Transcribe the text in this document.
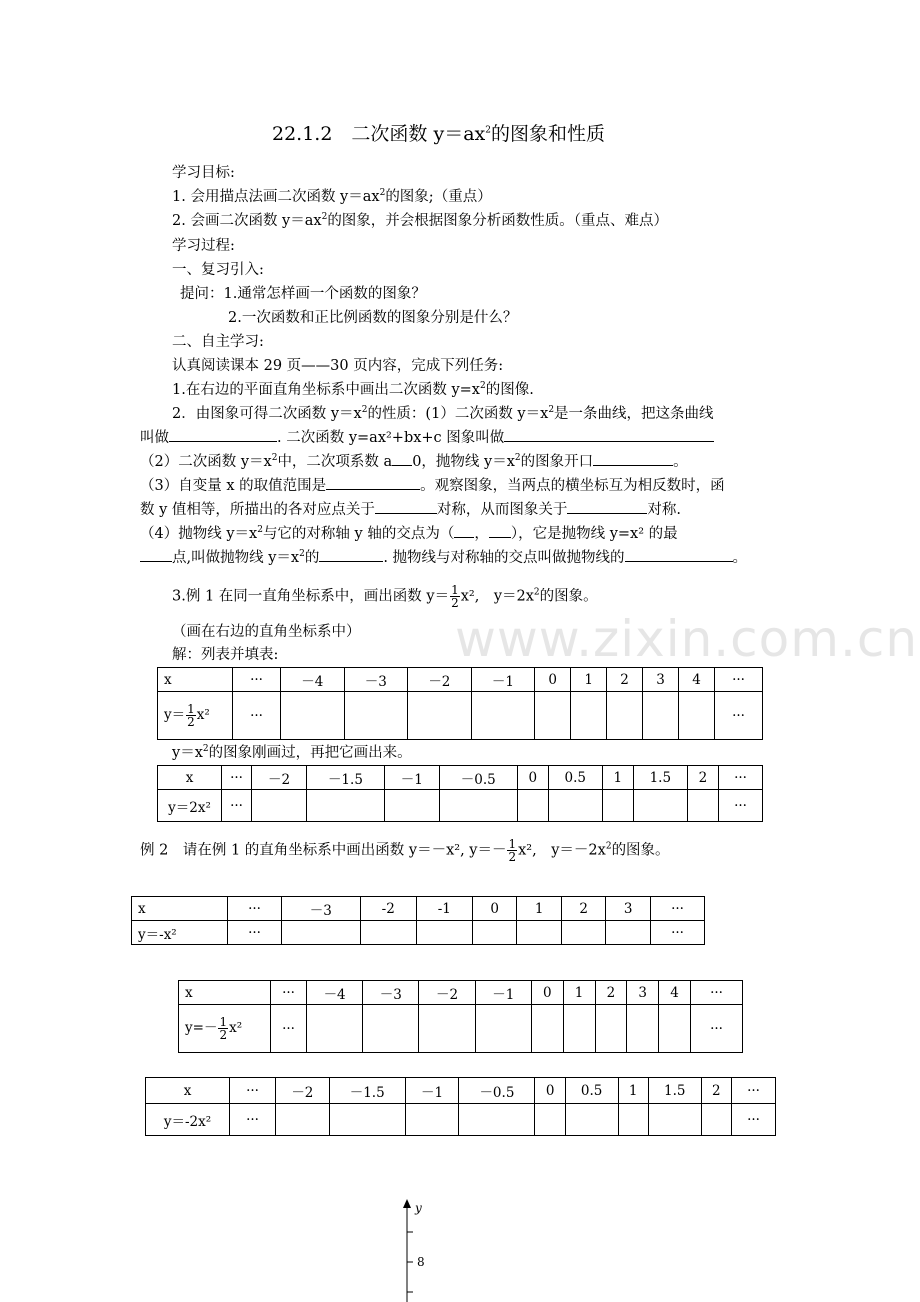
22.1.2　二次函数 $y=ax^2$的图象和性质
学习目标:
1. 会用描点法画二次函数 $y=ax^2$的图象;（重点）
2. 会画二次函数 $y=ax^2$的图象，并会根据图象分析函数性质。（重点、难点）
学习过程:
一、复习引入:
提问：1.通常怎样画一个函数的图象？
2.一次函数和正比例函数的图象分别是什么？
二、自主学习:
认真阅读课本 29 页——30 页内容，完成下列任务:
1.在右边的平面直角坐标系中画出二次函数 $y=x^2$的图像.
2．由图象可得二次函数 $y=x^2$的性质：(1）二次函数 $y=x^2$是一条曲线，把这条曲线
叫做	. 二次函数 y=ax²+bx+c 图象叫做
（2）二次函数 $y=x^2$中，二次项系数 a 0，抛物线 $y=x^2$的图象开口	。
（3）自变量 x 的取值范围是	。观察图象，当两点的横坐标互为相反数时，函
数 y 值相等，所描出的各对应点关于	对称，从而图象关于	对称.
（4）抛物线 $y=x^2$与它的对称轴 y 轴的交点为（ ， ），它是抛物线 y=x² 的最
点,叫做抛物线 $y=x^2$的	. 抛物线与对称轴的交点叫做抛物线的	。
3.例 1 在同一直角坐标系中，画出函数 $y= \frac{1}{2} x^2$,　$y=2x^2$的图象。
www.zixin.com.cn
（画在右边的直角坐标系中）
解：列表并填表:
x	···	－4	－3	－2	－1	0	1	2	3	4	···
$y= \frac{1}{2} x^2$	···										···
$y=x^2$的图象刚画过，再把它画出来。
x	···	－2	－1.5	－1	－0.5	0	0.5	1	1.5	2	···
y＝2x²	···										···
例 2　请在例 1 的直角坐标系中画出函数 y＝－x², $y=- \frac{1}{2} x^2$,　$y=-2x^2$的图象。
x	···	－3	-2	-1	0	1	2	3	···
y＝-x²	···								···
x	···	－4	－3	－2	－1	0	1	2	3	4	···
$y=- \frac{1}{2} x^2$	···										···
x	···	－2	－1.5	－1	－0.5	0	0.5	1	1.5	2	···
y＝-2x²	···										···
y
8
